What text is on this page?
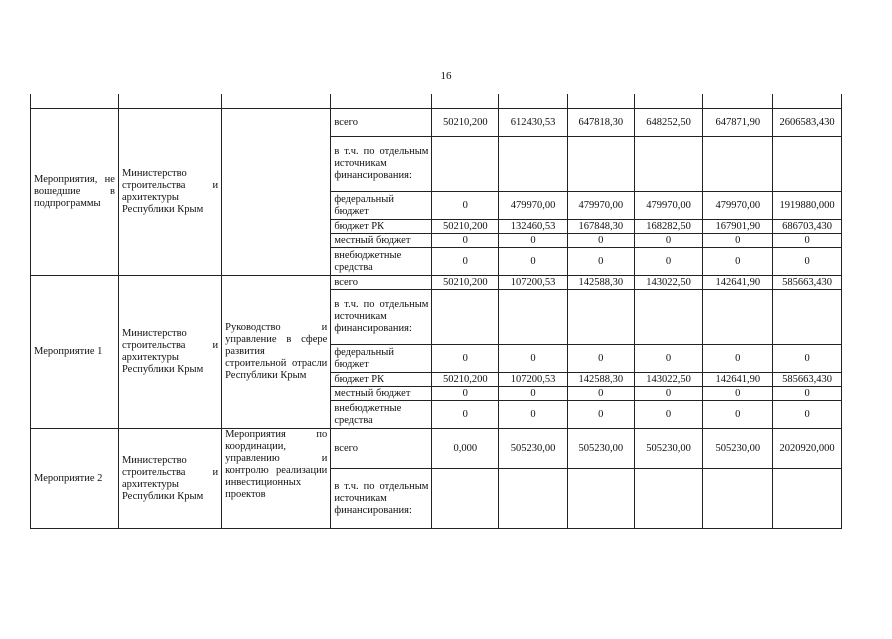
16

Мероприятия, не вошедшие в подпрограммы	Министерство строительства и архитектуры Республики Крым		всего	50210,200	612430,53	647818,30	648252,50	647871,90	2606583,430
			в т.ч. по отдельным источникам финансирования:						
			федеральный бюджет	0	479970,00	479970,00	479970,00	479970,00	1919880,000
			бюджет РК	50210,200	132460,53	167848,30	168282,50	167901,90	686703,430
			местный бюджет	0	0	0	0	0	0
			внебюджетные средства	0	0	0	0	0	0
Мероприятие 1	Министерство строительства и архитектуры Республики Крым	Руководство и управление в сфере развития строительной отрасли Республики Крым	всего	50210,200	107200,53	142588,30	143022,50	142641,90	585663,430
			в т.ч. по отдельным источникам финансирования:						
			федеральный бюджет	0	0	0	0	0	0
			бюджет РК	50210,200	107200,53	142588,30	143022,50	142641,90	585663,430
			местный бюджет	0	0	0	0	0	0
			внебюджетные средства	0	0	0	0	0	0
Мероприятие 2	Министерство строительства и архитектуры Республики Крым	Мероприятия по координации, управлению и контролю реализации инвестиционных проектов	всего	0,000	505230,00	505230,00	505230,00	505230,00	2020920,000
			в т.ч. по отдельным источникам финансирования:						
